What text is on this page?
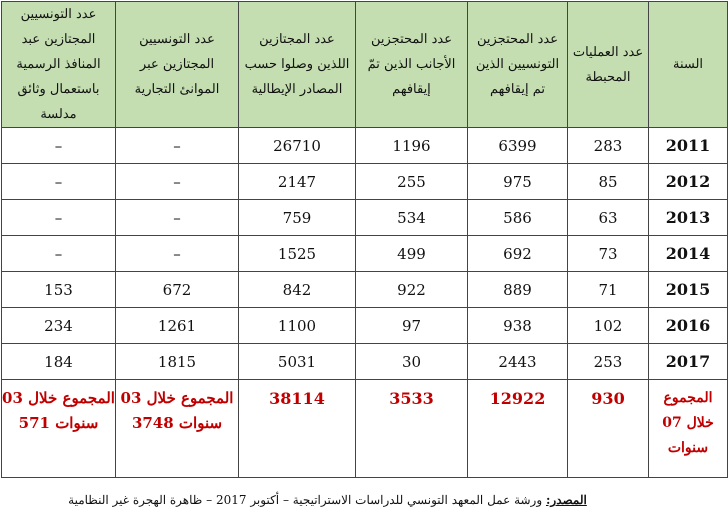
السنة	عدد العمليات المحبطة	عدد المحتجزين التونسيين الذين تم إيقافهم	عدد المحتجزين الأجانب الذين تمّ إيقافهم	عدد المجتازين اللذين وصلوا حسب المصادر الإيطالية	عدد التونسيين المجتازين عبر الموانئ التجارية	عدد التونسيين المجتازين عبد المنافذ الرسمية باستعمال وثائق مدلسة
2011	283	6399	1196	26710	–	–
2012	85	975	255	2147	–	–
2013	63	586	534	759	–	–
2014	73	692	499	1525	–	–
2015	71	889	922	842	672	153
2016	102	938	97	1100	1261	234
2017	253	2443	30	5031	1815	184
المجموع خلال 07 سنوات	930	12922	3533	38114	المجموع خلال 03 سنوات 3748	المجموع خلال 03 سنوات 571
المصدر: ورشة عمل المعهد التونسي للدراسات الاستراتيجية – أكتوبر 2017 – ظاهرة الهجرة غير النظامية
